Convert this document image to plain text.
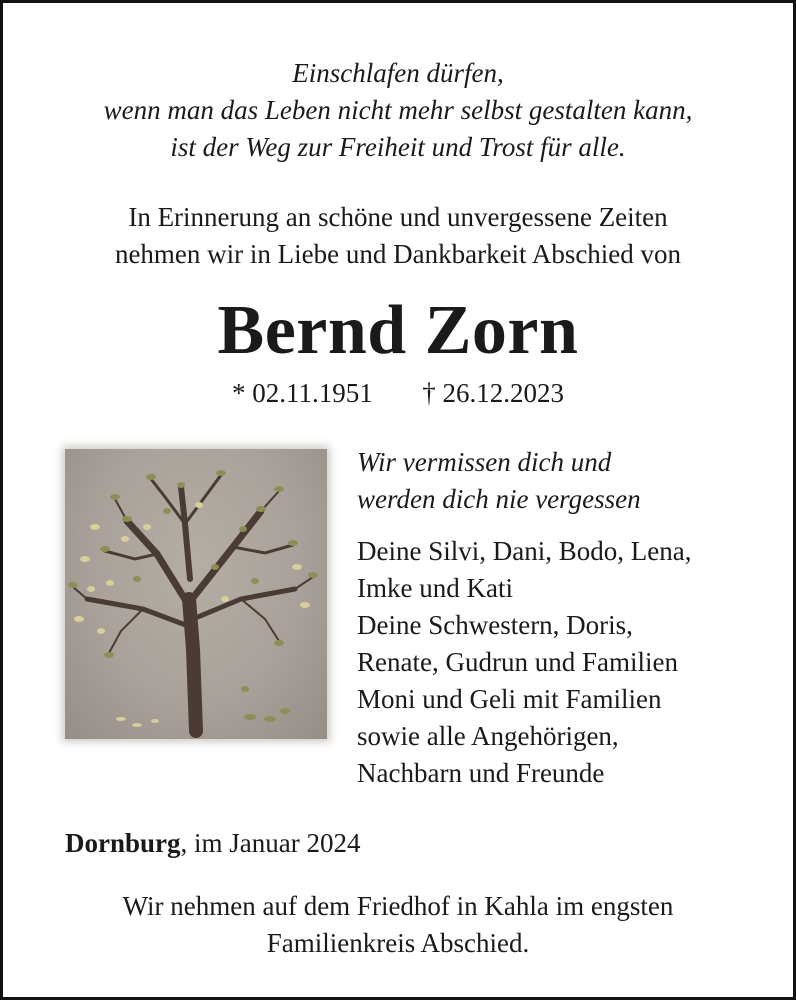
Einschlafen dürfen,
wenn man das Leben nicht mehr selbst gestalten kann,
ist der Weg zur Freiheit und Trost für alle.
In Erinnerung an schöne und unvergessene Zeiten
nehmen wir in Liebe und Dankbarkeit Abschied von
Bernd Zorn
* 02.11.1951 † 26.12.2023
Wir vermissen dich und
werden dich nie vergessen
Deine Silvi, Dani, Bodo, Lena,
Imke und Kati
Deine Schwestern, Doris,
Renate, Gudrun und Familien
Moni und Geli mit Familien
sowie alle Angehörigen,
Nachbarn und Freunde
Dornburg, im Januar 2024
Wir nehmen auf dem Friedhof in Kahla im engsten
Familienkreis Abschied.
